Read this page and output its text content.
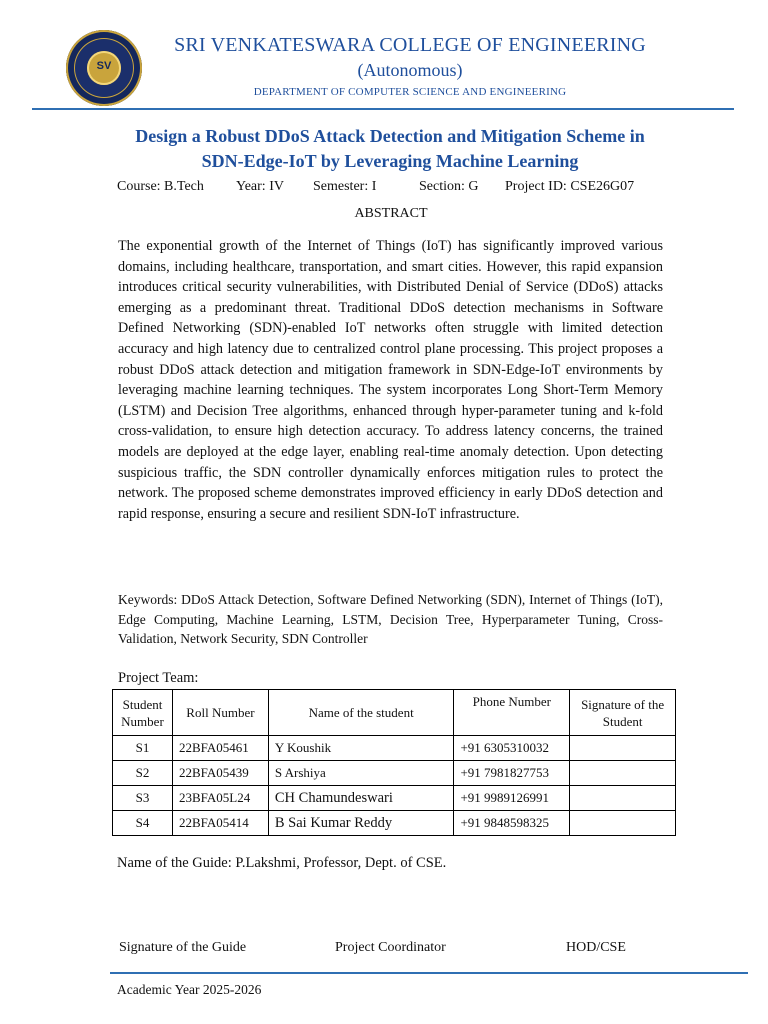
SV
SRI VENKATESWARA COLLEGE OF ENGINEERING
(Autonomous)
DEPARTMENT OF COMPUTER SCIENCE AND ENGINEERING
Design a Robust DDoS Attack Detection and Mitigation Scheme in
SDN-Edge-IoT by Leveraging Machine Learning
Course: B.Tech Year: IV Semester: I	Section: G Project ID: CSE26G07
ABSTRACT
The exponential growth of the Internet of Things (IoT) has significantly improved various domains, including healthcare, transportation, and smart cities. However, this rapid expansion introduces critical security vulnerabilities, with Distributed Denial of Service (DDoS) attacks emerging as a predominant threat. Traditional DDoS detection mechanisms in Software Defined Networking (SDN)-enabled IoT networks often struggle with limited detection accuracy and high latency due to centralized control plane processing. This project proposes a robust DDoS attack detection and mitigation framework in SDN-Edge-IoT environments by leveraging machine learning techniques. The system incorporates Long Short-Term Memory (LSTM) and Decision Tree algorithms, enhanced through hyper-parameter tuning and k-fold cross-validation, to ensure high detection accuracy. To address latency concerns, the trained models are deployed at the edge layer, enabling real-time anomaly detection. Upon detecting suspicious traffic, the SDN controller dynamically enforces mitigation rules to protect the network. The proposed scheme demonstrates improved efficiency in early DDoS detection and rapid response, ensuring a secure and resilient SDN-IoT infrastructure.
Keywords: DDoS Attack Detection, Software Defined Networking (SDN), Internet of Things (IoT), Edge Computing, Machine Learning, LSTM, Decision Tree, Hyperparameter Tuning, Cross-Validation, Network Security, SDN Controller
Project Team:
Student Number	Roll Number	Name of the student	Phone Number	Signature of the Student
S1	22BFA05461	Y Koushik	+91 6305310032	
S2	22BFA05439	S Arshiya	+91 7981827753	
S3	23BFA05L24	CH Chamundeswari	+91 9989126991	
S4	22BFA05414	B Sai Kumar Reddy	+91 9848598325	
Name of the Guide: P.Lakshmi, Professor, Dept. of CSE.
Signature of the Guide	Project Coordinator	HOD/CSE
Academic Year 2025-2026
